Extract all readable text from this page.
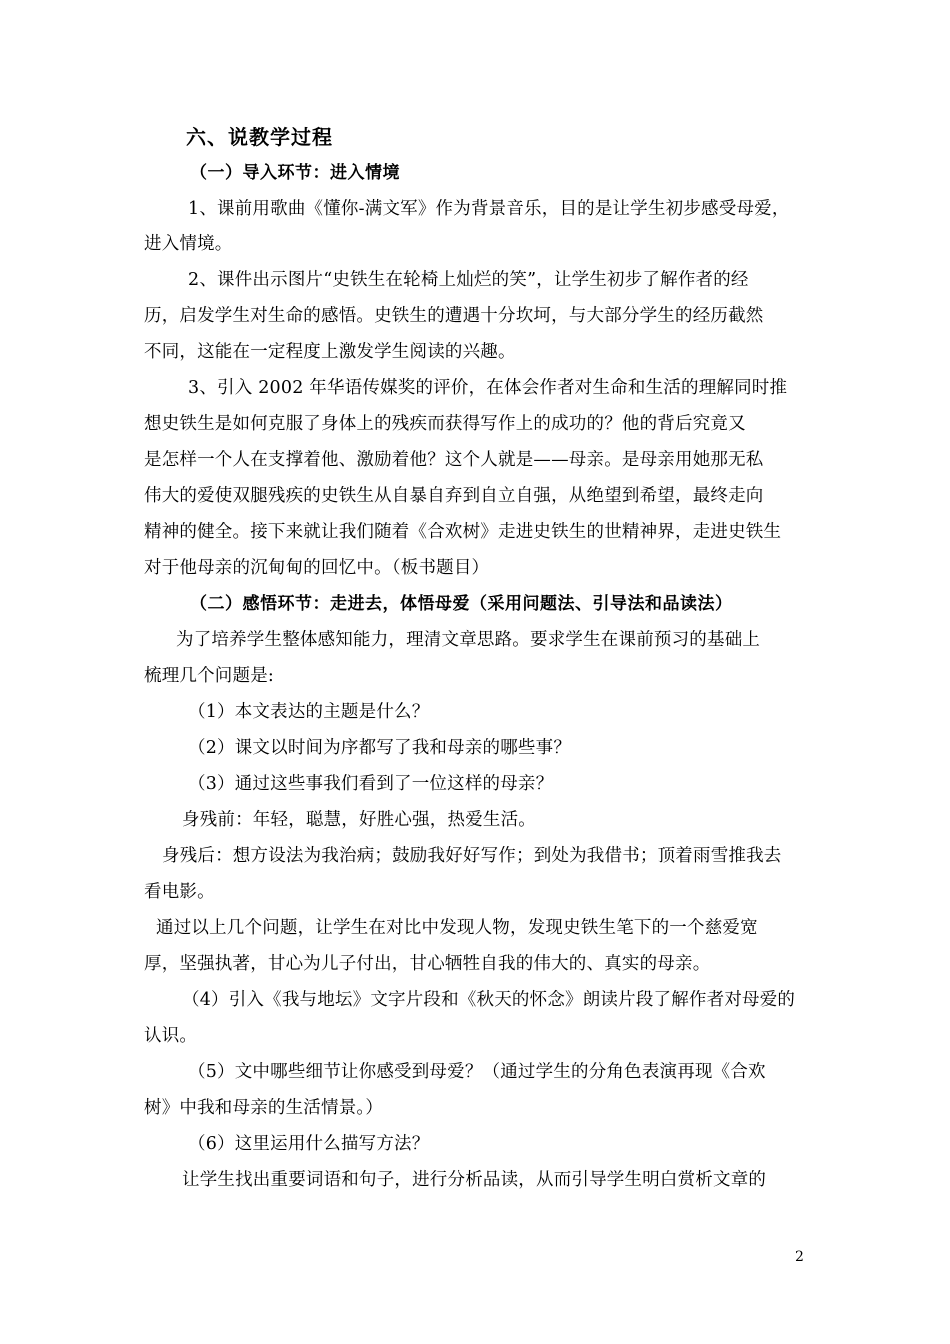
六、说教学过程
（一）导入环节：进入情境
1、课前用歌曲《懂你-满文军》作为背景音乐，目的是让学生初步感受母爱，
进入情境。
2、课件出示图片“史铁生在轮椅上灿烂的笑”，让学生初步了解作者的经
历，启发学生对生命的感悟。史铁生的遭遇十分坎坷，与大部分学生的经历截然
不同，这能在一定程度上激发学生阅读的兴趣。
3、引入 2002 年华语传媒奖的评价，在体会作者对生命和生活的理解同时推
想史铁生是如何克服了身体上的残疾而获得写作上的成功的？他的背后究竟又
是怎样一个人在支撑着他、激励着他？这个人就是——母亲。是母亲用她那无私
伟大的爱使双腿残疾的史铁生从自暴自弃到自立自强，从绝望到希望，最终走向
精神的健全。接下来就让我们随着《合欢树》走进史铁生的世精神界，走进史铁生
对于他母亲的沉甸甸的回忆中。（板书题目）
（二）感悟环节：走进去，体悟母爱（采用问题法、引导法和品读法）
为了培养学生整体感知能力，理清文章思路。要求学生在课前预习的基础上
梳理几个问题是:
（1）本文表达的主题是什么？
（2）课文以时间为序都写了我和母亲的哪些事？
（3）通过这些事我们看到了一位这样的母亲？
身残前：年轻，聪慧，好胜心强，热爱生活。
身残后：想方设法为我治病；鼓励我好好写作；到处为我借书；顶着雨雪推我去
看电影。
通过以上几个问题，让学生在对比中发现人物，发现史铁生笔下的一个慈爱宽
厚，坚强执著，甘心为儿子付出，甘心牺牲自我的伟大的、真实的母亲。
（4）引入《我与地坛》文字片段和《秋天的怀念》朗读片段了解作者对母爱的
认识。
（5）文中哪些细节让你感受到母爱？（通过学生的分角色表演再现《合欢
树》中我和母亲的生活情景。）
（6）这里运用什么描写方法？
让学生找出重要词语和句子，进行分析品读，从而引导学生明白赏析文章的
2
